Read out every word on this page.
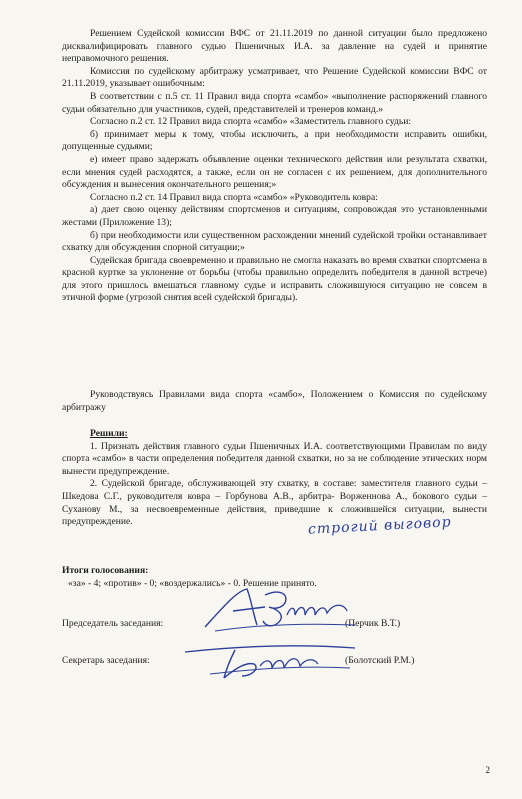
Решением Судейской комиссии ВФС от 21.11.2019 по данной ситуации было предложено дисквалифицировать главного судью Пшеничных И.А. за давление на судей и принятие неправомочного решения.

Комиссия по судейскому арбитражу усматривает, что Решение Судейской комиссии ВФС от 21.11.2019, указывает ошибочным:

В соответствии с п.5 ст. 11 Правил вида спорта «самбо» «выполнение распоряжений главного судьи обязательно для участников, судей, представителей и тренеров команд.»

Согласно п.2 ст. 12 Правил вида спорта «самбо» «Заместитель главного судьи:

б) принимает меры к тому, чтобы исключить, а при необходимости исправить ошибки, допущенные судьями;

е) имеет право задержать объявление оценки технического действия или результата схватки, если мнения судей расходятся, а также, если он не согласен с их решением, для дополнительного обсуждения и вынесения окончательного решения;»

Согласно п.2 ст. 14 Правил вида спорта «самбо» «Руководитель ковра:

а) дает свою оценку действиям спортсменов и ситуациям, сопровождая это установленными жестами (Приложение 13);

б) при необходимости или существенном расхождении мнений судейской тройки останавливает схватку для обсуждения спорной ситуации;»

Судейская бригада своевременно и правильно не смогла наказать во время схватки спортсмена в красной куртке за уклонение от борьбы (чтобы правильно определить победителя в данной встрече) для этого пришлось вмешаться главному судье и исправить сложившуюся ситуацию не совсем в этичной форме (угрозой снятия всей судейской бригады).

Руководствуясь Правилами вида спорта «самбо», Положением о Комиссия по судейскому арбитражу

Решили:

1. Признать действия главного судьи Пшеничных И.А. соответствующими Правилам по виду спорта «самбо» в части определения победителя данной схватки, но за не соблюдение этических норм вынести предупреждение.

2. Судейской бригаде, обслуживающей эту схватку, в составе: заместителя главного судьи – Шкедова С.Г., руководителя ковра – Горбунова А.В., арбитра- Ворженнова А., бокового судьи – Суханову М., за несвоевременные действия, приведшие к сложившейся ситуации, вынести предупреждение.	строгий выговор

Итоги голосования:

«за» - 4; «против» - 0; «воздержались» - 0. Решение принято.

Председатель заседания:	(Перчик В.Т.)
Секретарь заседания:	(Болотский Р.М.)
2
